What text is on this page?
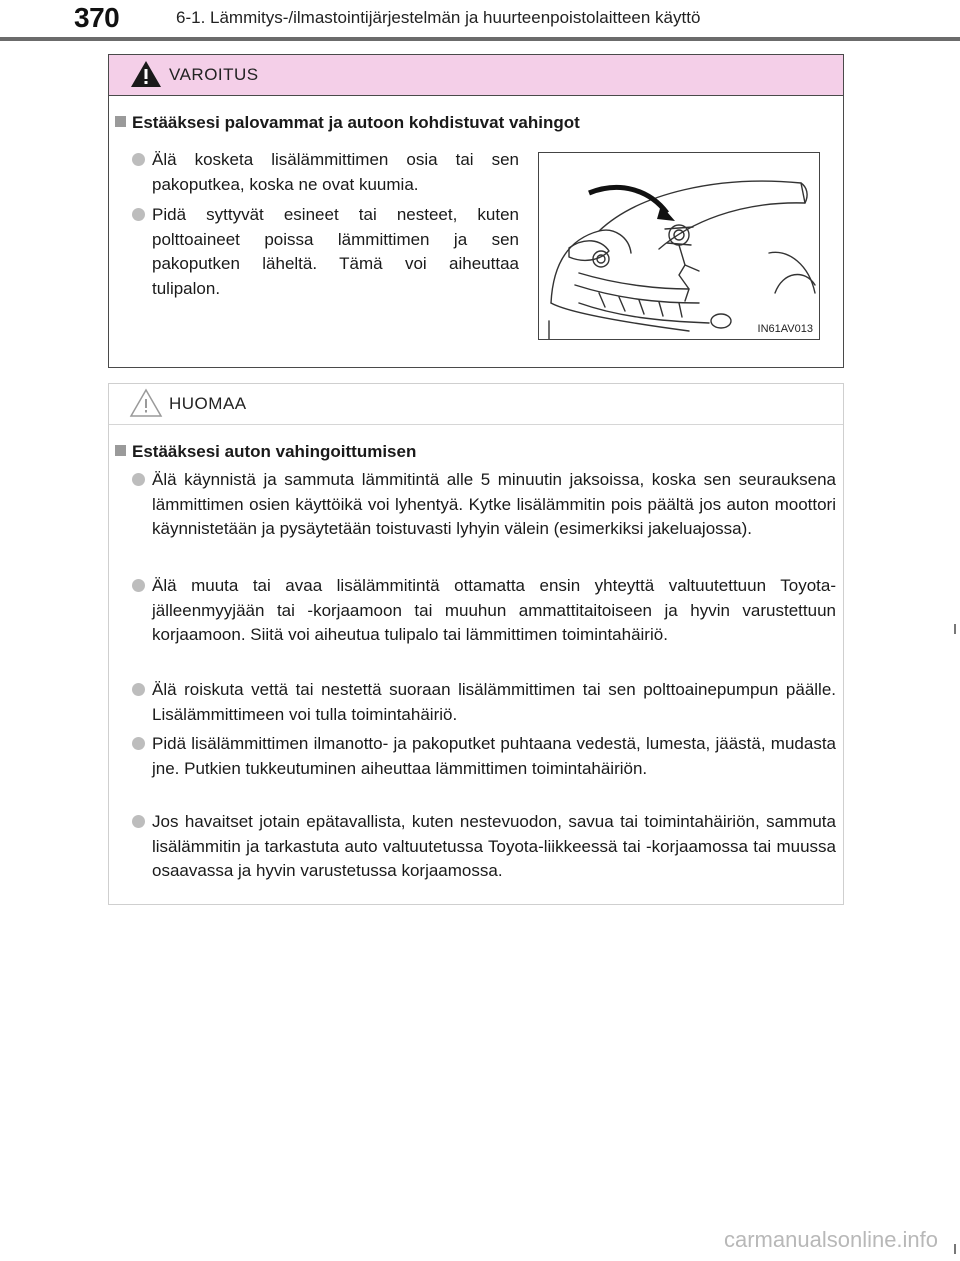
370	6-1. Lämmitys-/ilmastointijärjestelmän ja huurteenpoistolaitteen käyttö
VAROITUS
Estääksesi palovammat ja autoon kohdistuvat vahingot
Älä kosketa lisälämmittimen osia tai sen pakoputkea, koska ne ovat kuumia.
Pidä syttyvät esineet tai nesteet, kuten polttoaineet poissa lämmittimen ja sen pakoputken läheltä. Tämä voi aiheuttaa tulipalon.
IN61AV013
HUOMAA
Estääksesi auton vahingoittumisen
Älä käynnistä ja sammuta lämmitintä alle 5 minuutin jaksoissa, koska sen seurauksena lämmittimen osien käyttöikä voi lyhentyä. Kytke lisälämmitin pois päältä jos auton moottori käynnistetään ja pysäytetään toistuvasti lyhyin välein (esimerkiksi jakeluajossa).
Älä muuta tai avaa lisälämmitintä ottamatta ensin yhteyttä valtuutettuun Toyota-jälleenmyyjään tai -korjaamoon tai muuhun ammattitaitoiseen ja hyvin varustettuun korjaamoon. Siitä voi aiheutua tulipalo tai lämmittimen toimintahäiriö.
Älä roiskuta vettä tai nestettä suoraan lisälämmittimen tai sen polttoainepumpun päälle. Lisälämmittimeen voi tulla toimintahäiriö.
Pidä lisälämmittimen ilmanotto- ja pakoputket puhtaana vedestä, lumesta, jäästä, mudasta jne. Putkien tukkeutuminen aiheuttaa lämmittimen toimintahäiriön.
Jos havaitset jotain epätavallista, kuten nestevuodon, savua tai toimintahäiriön, sammuta lisälämmitin ja tarkastuta auto valtuutetussa Toyota-liikkeessä tai -korjaamossa tai muussa osaavassa ja hyvin varustetussa korjaamossa.
carmanualsonline.info
